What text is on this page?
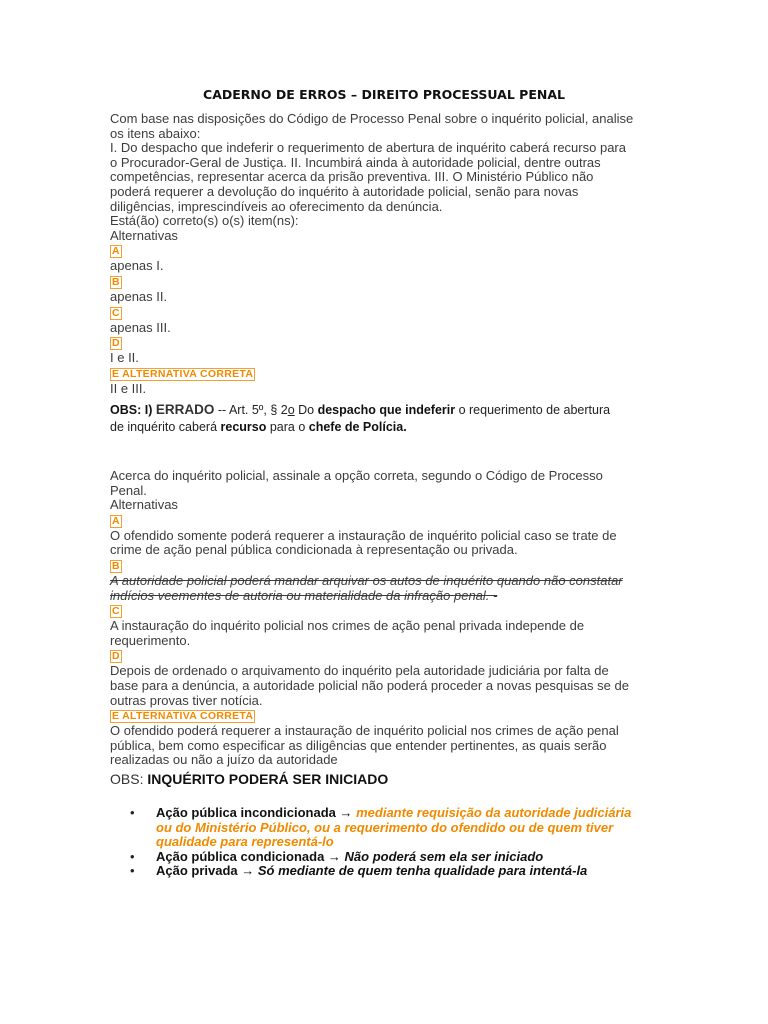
CADERNO DE ERROS – DIREITO PROCESSUAL PENAL
Com base nas disposições do Código de Processo Penal sobre o inquérito policial, analise
os itens abaixo:
I. Do despacho que indeferir o requerimento de abertura de inquérito caberá recurso para
o Procurador-Geral de Justiça. II. Incumbirá ainda à autoridade policial, dentre outras
competências, representar acerca da prisão preventiva. III. O Ministério Público não
poderá requerer a devolução do inquérito à autoridade policial, senão para novas
diligências, imprescindíveis ao oferecimento da denúncia.
Está(ão) correto(s) o(s) item(ns):
Alternativas
A
apenas I.
B
apenas II.
C
apenas III.
D
I e II.
E ALTERNATIVA CORRETA
II e III.
OBS: I) ERRADO -- Art. 5º, § 2o Do despacho que indeferir o requerimento de abertura
de inquérito caberá recurso para o chefe de Polícia.
Acerca do inquérito policial, assinale a opção correta, segundo o Código de Processo
Penal.
Alternativas
A
O ofendido somente poderá requerer a instauração de inquérito policial caso se trate de
crime de ação penal pública condicionada à representação ou privada.
B
A autoridade policial poderá mandar arquivar os autos de inquérito quando não constatar
indícios veementes de autoria ou materialidade da infração penal. -
C
A instauração do inquérito policial nos crimes de ação penal privada independe de
requerimento.
D
Depois de ordenado o arquivamento do inquérito pela autoridade judiciária por falta de
base para a denúncia, a autoridade policial não poderá proceder a novas pesquisas se de
outras provas tiver notícia.
E ALTERNATIVA CORRETA
O ofendido poderá requerer a instauração de inquérito policial nos crimes de ação penal
pública, bem como especificar as diligências que entender pertinentes, as quais serão
realizadas ou não a juízo da autoridade
OBS: INQUÉRITO PODERÁ SER INICIADO
• Ação pública incondicionada → mediante requisição da autoridade judiciária
ou do Ministério Público, ou a requerimento do ofendido ou de quem tiver
qualidade para representá-lo
• Ação pública condicionada → Não poderá sem ela ser iniciado
• Ação privada → Só mediante de quem tenha qualidade para intentá-la
